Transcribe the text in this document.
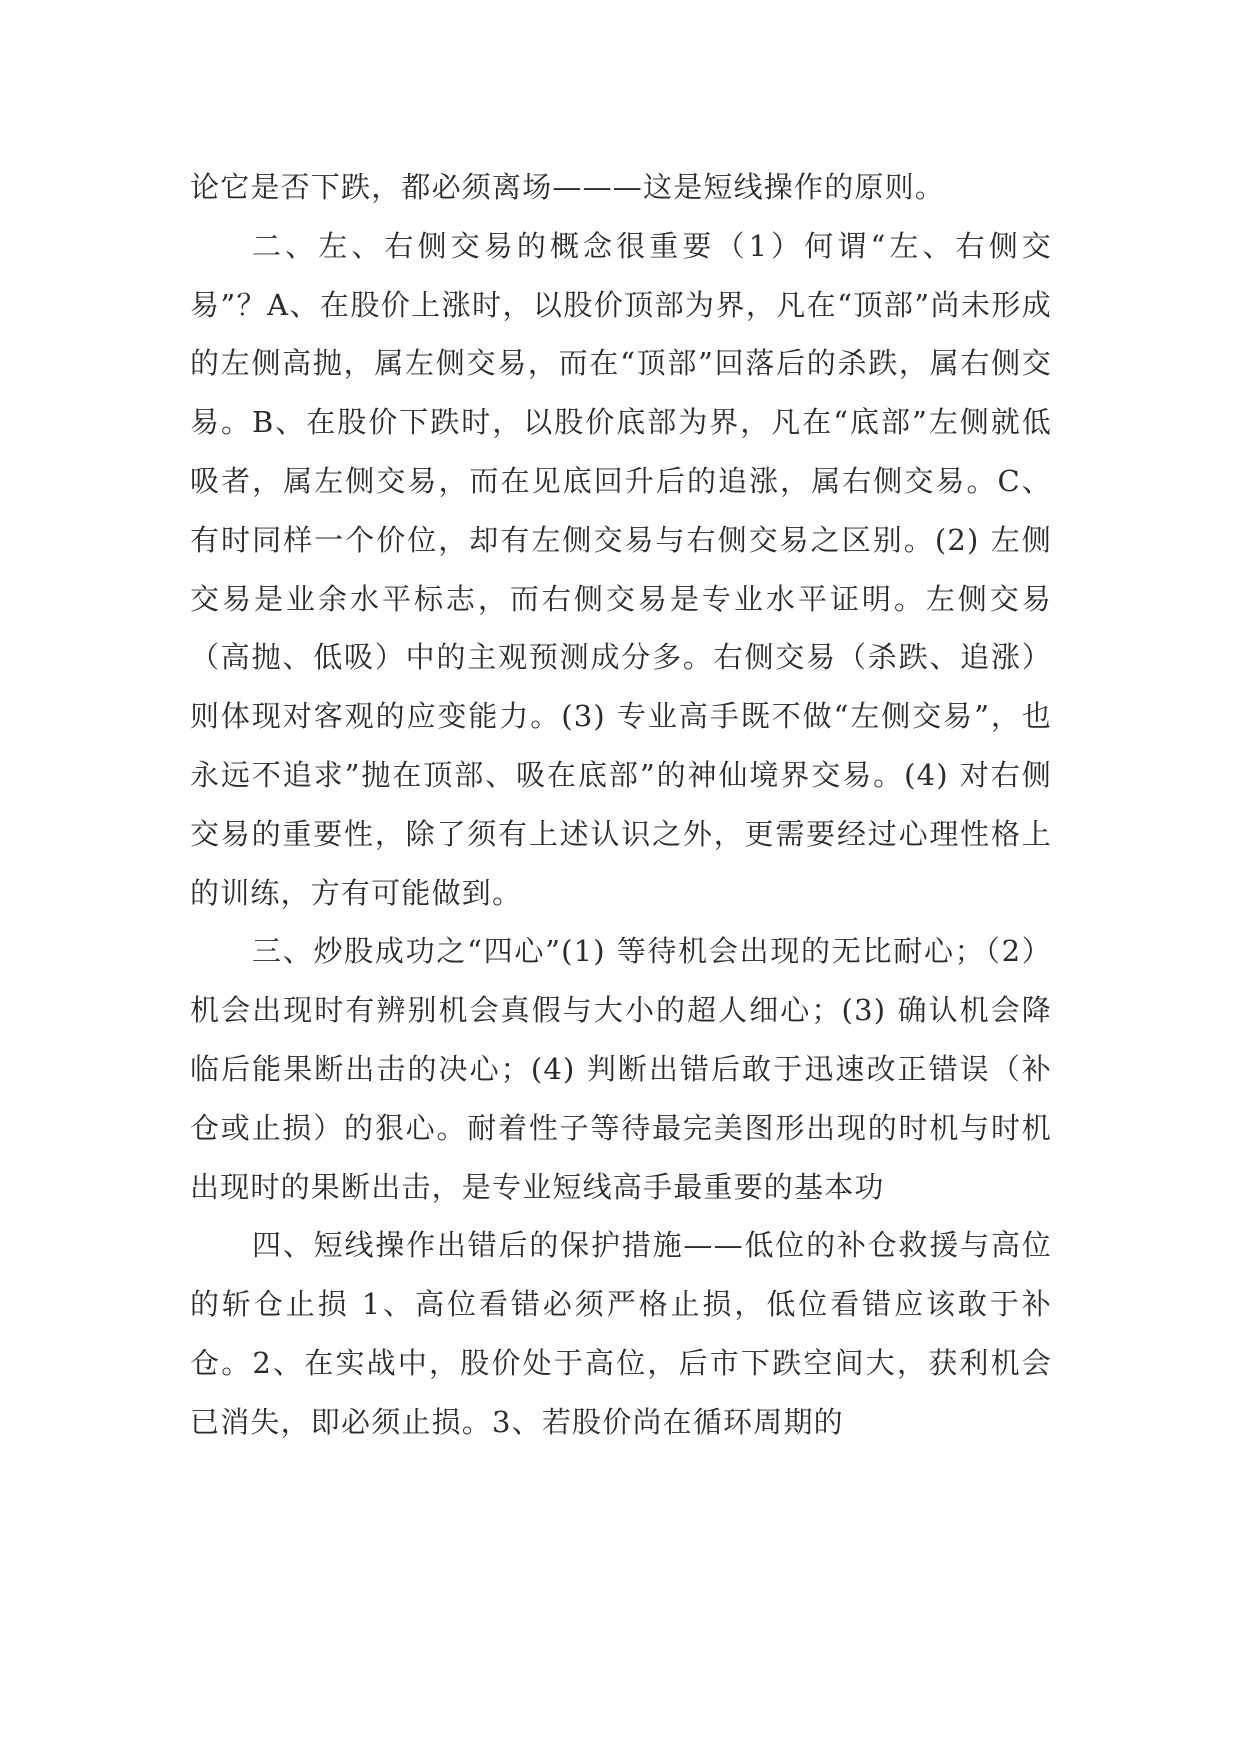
论它是否下跌，都必须离场———这是短线操作的原则。

二、左、右侧交易的概念很重要（1）何谓“左、右侧交易”？A、在股价上涨时，以股价顶部为界，凡在“顶部”尚未形成的左侧高抛，属左侧交易，而在“顶部”回落后的杀跌，属右侧交易。B、在股价下跌时，以股价底部为界，凡在“底部”左侧就低吸者，属左侧交易，而在见底回升后的追涨，属右侧交易。C、有时同样一个价位，却有左侧交易与右侧交易之区别。(2) 左侧交易是业余水平标志，而右侧交易是专业水平证明。左侧交易（高抛、低吸）中的主观预测成分多。右侧交易（杀跌、追涨）则体现对客观的应变能力。(3) 专业高手既不做“左侧交易”，也永远不追求”抛在顶部、吸在底部”的神仙境界交易。(4) 对右侧交易的重要性，除了须有上述认识之外，更需要经过心理性格上的训练，方有可能做到。

三、炒股成功之“四心”(1) 等待机会出现的无比耐心；（2）机会出现时有辨别机会真假与大小的超人细心；(3) 确认机会降临后能果断出击的决心；(4) 判断出错后敢于迅速改正错误（补仓或止损）的狠心。耐着性子等待最完美图形出现的时机与时机出现时的果断出击，是专业短线高手最重要的基本功

四、短线操作出错后的保护措施——低位的补仓救援与高位的斩仓止损 1、高位看错必须严格止损，低位看错应该敢于补仓。2、在实战中，股价处于高位，后市下跌空间大，获利机会已消失，即必须止损。3、若股价尚在循环周期的
